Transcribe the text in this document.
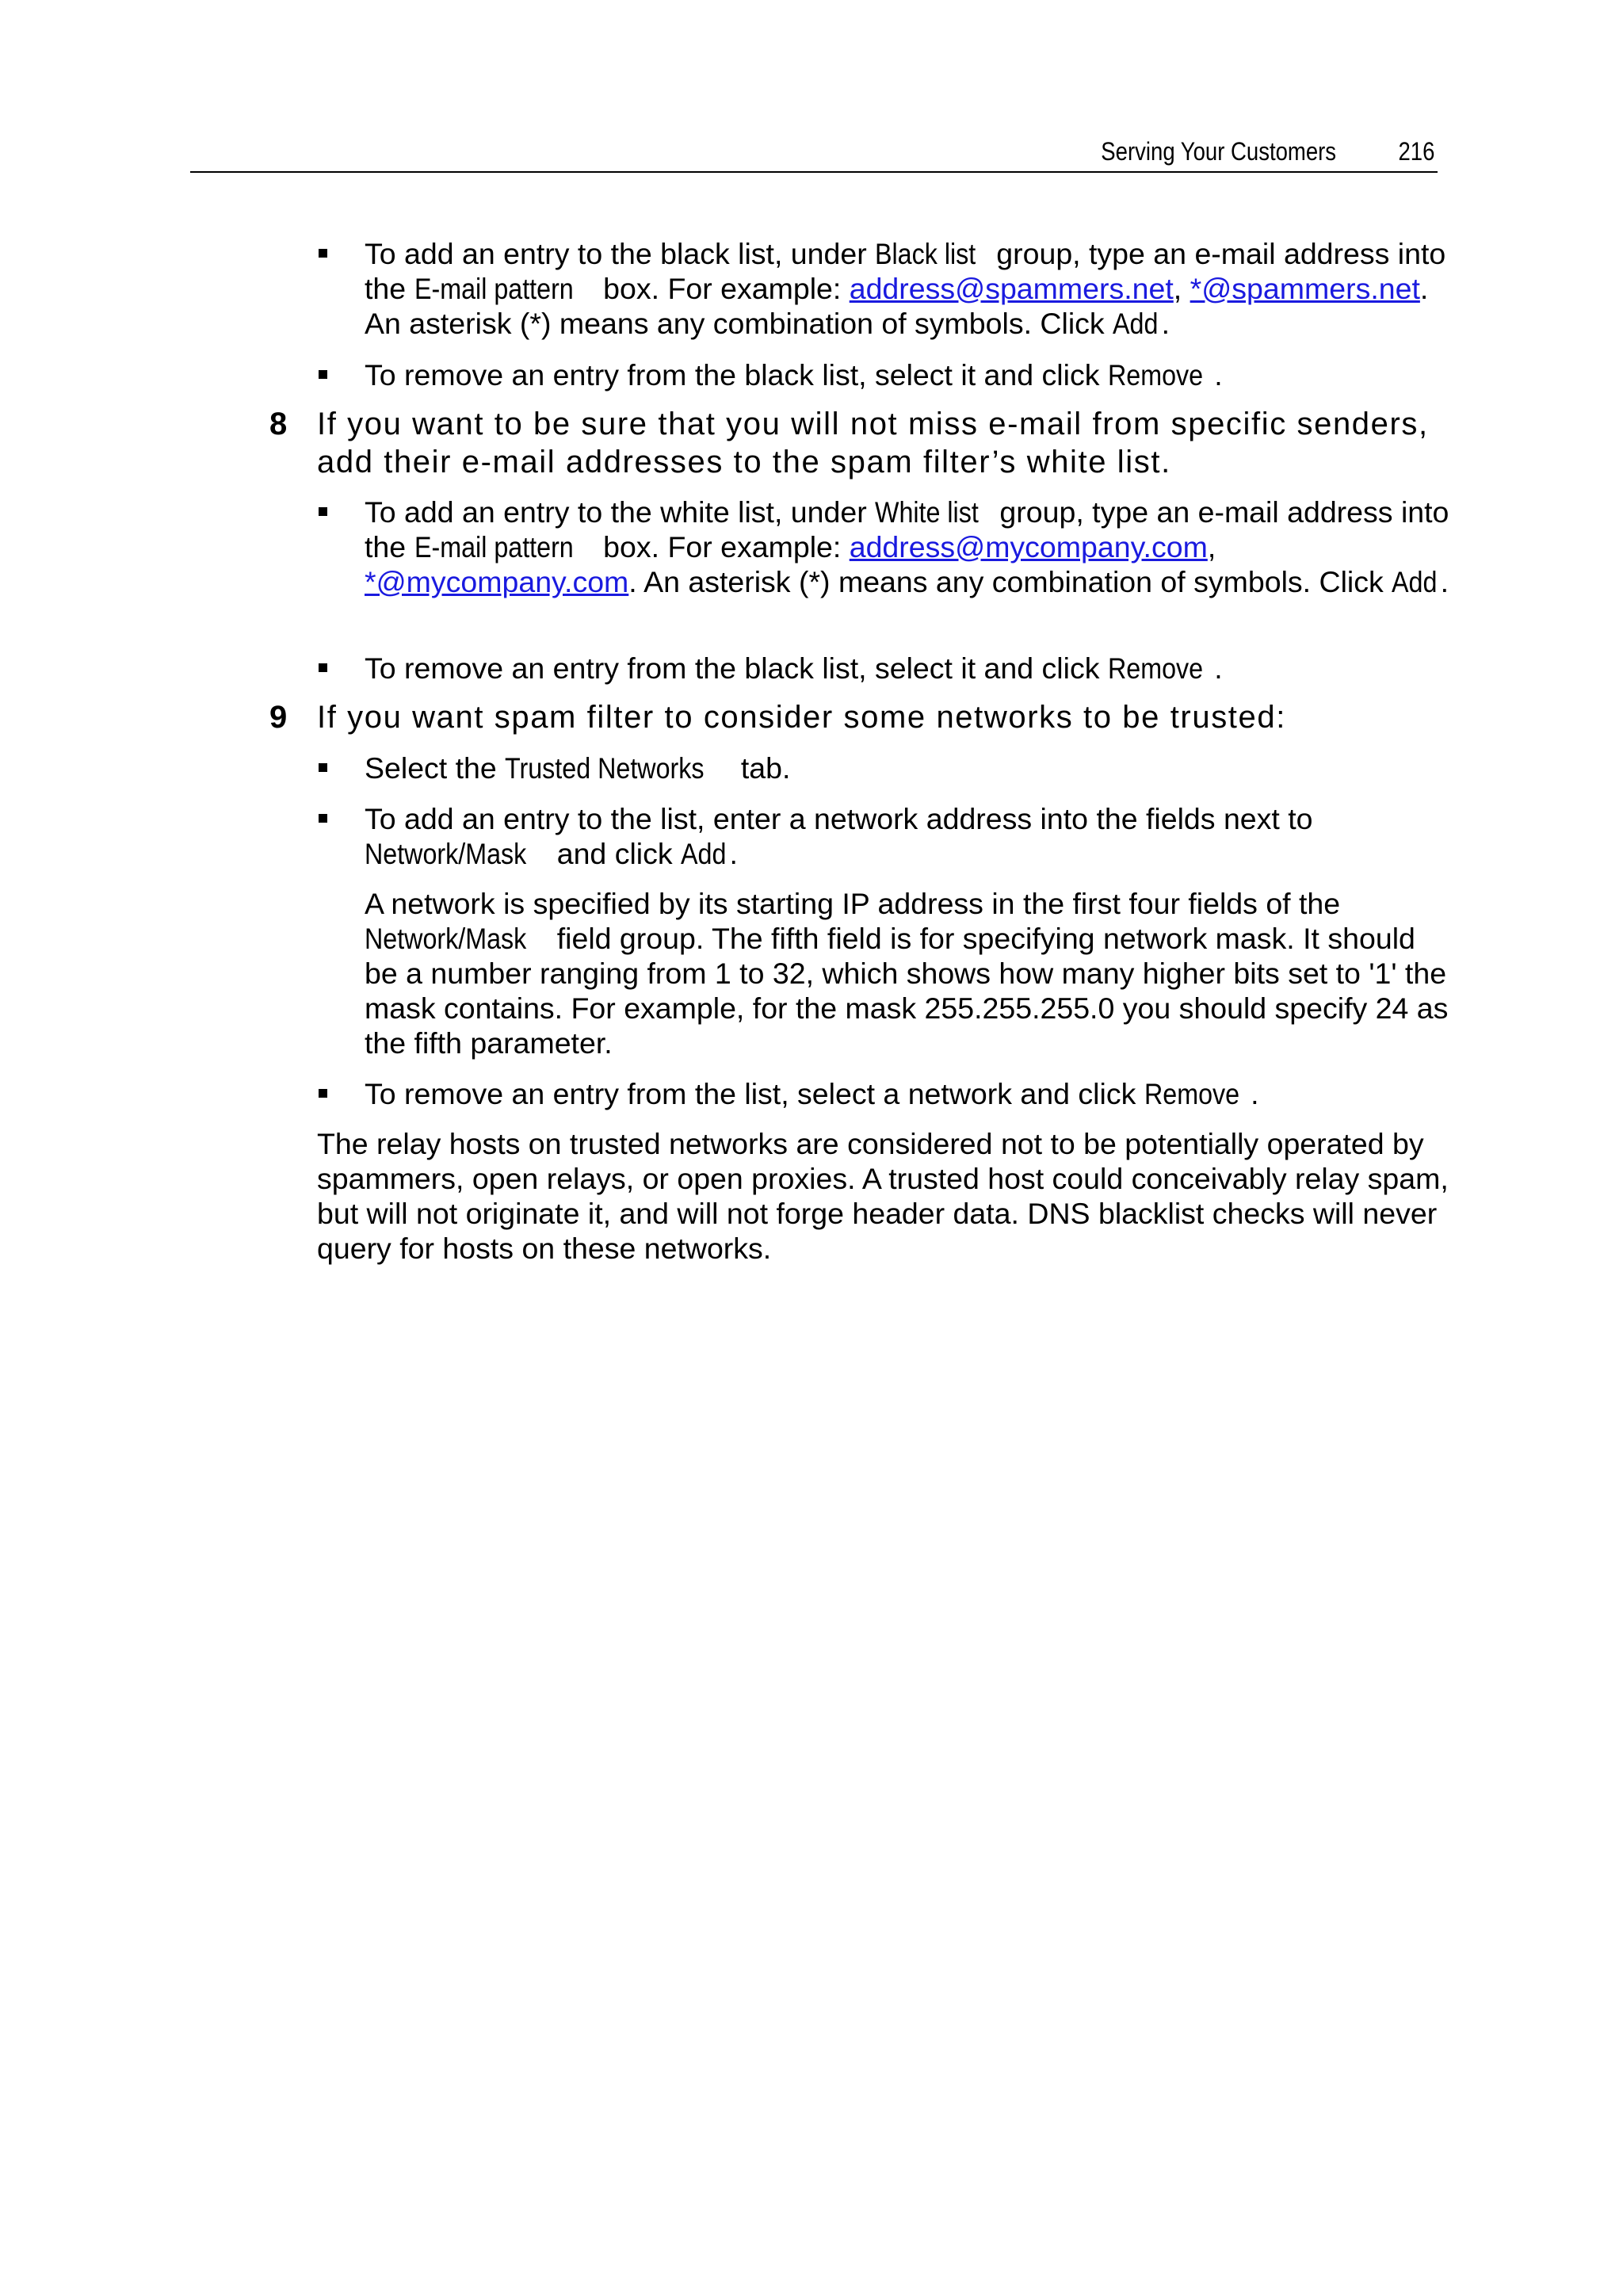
Serving Your Customers 216
To add an entry to the black list, under Black list group, type an e-mail address into the E-mail pattern box. For example: address@spammers.net, *@spammers.net. An asterisk (*) means any combination of symbols. Click Add .
To remove an entry from the black list, select it and click Remove .
8 If you want to be sure that you will not miss e-mail from specific senders, add their e-mail addresses to the spam filter’s white list.
To add an entry to the white list, under White list group, type an e-mail address into the E-mail pattern box. For example: address@mycompany.com, *@mycompany.com. An asterisk (*) means any combination of symbols. Click Add .
To remove an entry from the black list, select it and click Remove .
9 If you want spam filter to consider some networks to be trusted:
Select the Trusted Networks tab.
To add an entry to the list, enter a network address into the fields next to Network/Mask and click Add .
A network is specified by its starting IP address in the first four fields of the Network/Mask field group. The fifth field is for specifying network mask. It should be a number ranging from 1 to 32, which shows how many higher bits set to '1' the mask contains. For example, for the mask 255.255.255.0 you should specify 24 as the fifth parameter.
To remove an entry from the list, select a network and click Remove .
The relay hosts on trusted networks are considered not to be potentially operated by spammers, open relays, or open proxies. A trusted host could conceivably relay spam, but will not originate it, and will not forge header data. DNS blacklist checks will never query for hosts on these networks.
